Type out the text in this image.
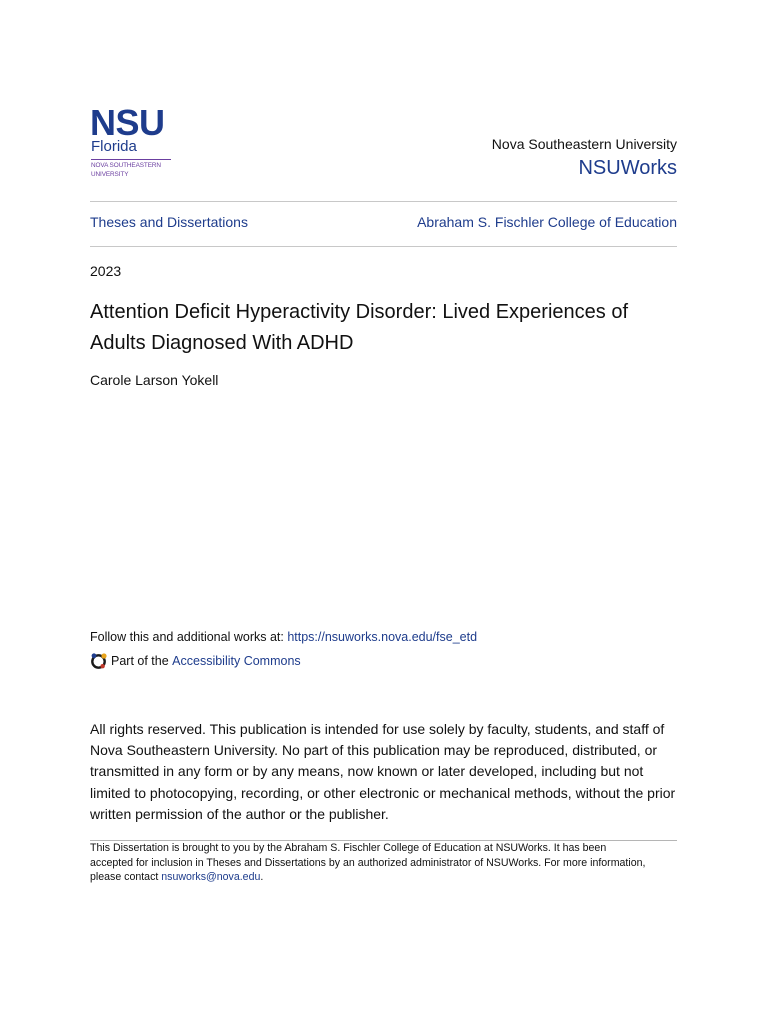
NSU
Florida
NOVA SOUTHEASTERN
UNIVERSITY
Nova Southeastern University
NSUWorks
Theses and Dissertations	Abraham S. Fischler College of Education
2023
Attention Deficit Hyperactivity Disorder: Lived Experiences of Adults Diagnosed With ADHD
Carole Larson Yokell
Follow this and additional works at: https://nsuworks.nova.edu/fse_etd
Part of the Accessibility Commons
All rights reserved. This publication is intended for use solely by faculty, students, and staff of Nova Southeastern University. No part of this publication may be reproduced, distributed, or transmitted in any form or by any means, now known or later developed, including but not limited to photocopying, recording, or other electronic or mechanical methods, without the prior written permission of the author or the publisher.
This Dissertation is brought to you by the Abraham S. Fischler College of Education at NSUWorks. It has been accepted for inclusion in Theses and Dissertations by an authorized administrator of NSUWorks. For more information, please contact nsuworks@nova.edu.
